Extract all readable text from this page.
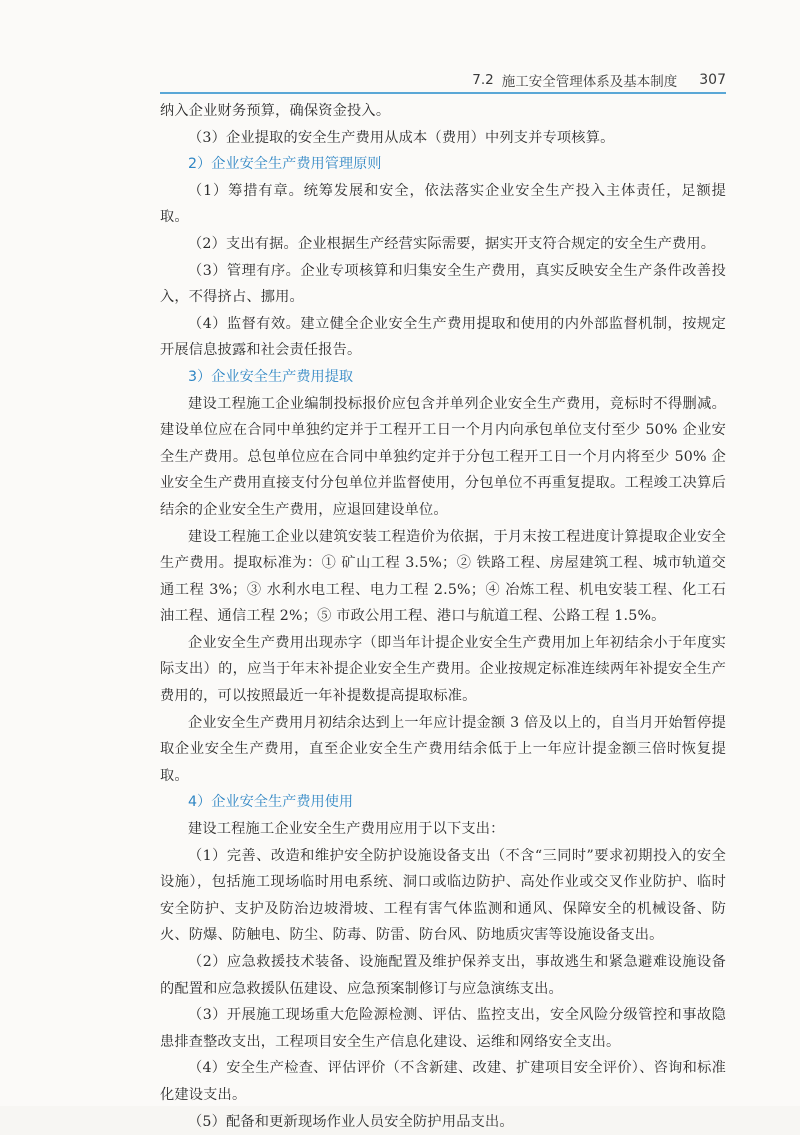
7.2 施工安全管理体系及基本制度 307

纳入企业财务预算，确保资金投入。

（3）企业提取的安全生产费用从成本（费用）中列支并专项核算。

2）企业安全生产费用管理原则

（1）筹措有章。统筹发展和安全，依法落实企业安全生产投入主体责任，足额提取。

（2）支出有据。企业根据生产经营实际需要，据实开支符合规定的安全生产费用。

（3）管理有序。企业专项核算和归集安全生产费用，真实反映安全生产条件改善投入，不得挤占、挪用。

（4）监督有效。建立健全企业安全生产费用提取和使用的内外部监督机制，按规定开展信息披露和社会责任报告。

3）企业安全生产费用提取

建设工程施工企业编制投标报价应包含并单列企业安全生产费用，竞标时不得删减。建设单位应在合同中单独约定并于工程开工日一个月内向承包单位支付至少 50% 企业安全生产费用。总包单位应在合同中单独约定并于分包工程开工日一个月内将至少 50% 企业安全生产费用直接支付分包单位并监督使用，分包单位不再重复提取。工程竣工决算后结余的企业安全生产费用，应退回建设单位。

建设工程施工企业以建筑安装工程造价为依据，于月末按工程进度计算提取企业安全生产费用。提取标准为：① 矿山工程 3.5%；② 铁路工程、房屋建筑工程、城市轨道交通工程 3%；③ 水利水电工程、电力工程 2.5%；④ 冶炼工程、机电安装工程、化工石油工程、通信工程 2%；⑤ 市政公用工程、港口与航道工程、公路工程 1.5%。

企业安全生产费用出现赤字（即当年计提企业安全生产费用加上年初结余小于年度实际支出）的，应当于年末补提企业安全生产费用。企业按规定标准连续两年补提安全生产费用的，可以按照最近一年补提数提高提取标准。

企业安全生产费用月初结余达到上一年应计提金额 3 倍及以上的，自当月开始暂停提取企业安全生产费用，直至企业安全生产费用结余低于上一年应计提金额三倍时恢复提取。

4）企业安全生产费用使用

建设工程施工企业安全生产费用应用于以下支出：

（1）完善、改造和维护安全防护设施设备支出（不含“三同时”要求初期投入的安全设施），包括施工现场临时用电系统、洞口或临边防护、高处作业或交叉作业防护、临时安全防护、支护及防治边坡滑坡、工程有害气体监测和通风、保障安全的机械设备、防火、防爆、防触电、防尘、防毒、防雷、防台风、防地质灾害等设施设备支出。

（2）应急救援技术装备、设施配置及维护保养支出，事故逃生和紧急避难设施设备的配置和应急救援队伍建设、应急预案制修订与应急演练支出。

（3）开展施工现场重大危险源检测、评估、监控支出，安全风险分级管控和事故隐患排查整改支出，工程项目安全生产信息化建设、运维和网络安全支出。

（4）安全生产检查、评估评价（不含新建、改建、扩建项目安全评价）、咨询和标准化建设支出。

（5）配备和更新现场作业人员安全防护用品支出。
